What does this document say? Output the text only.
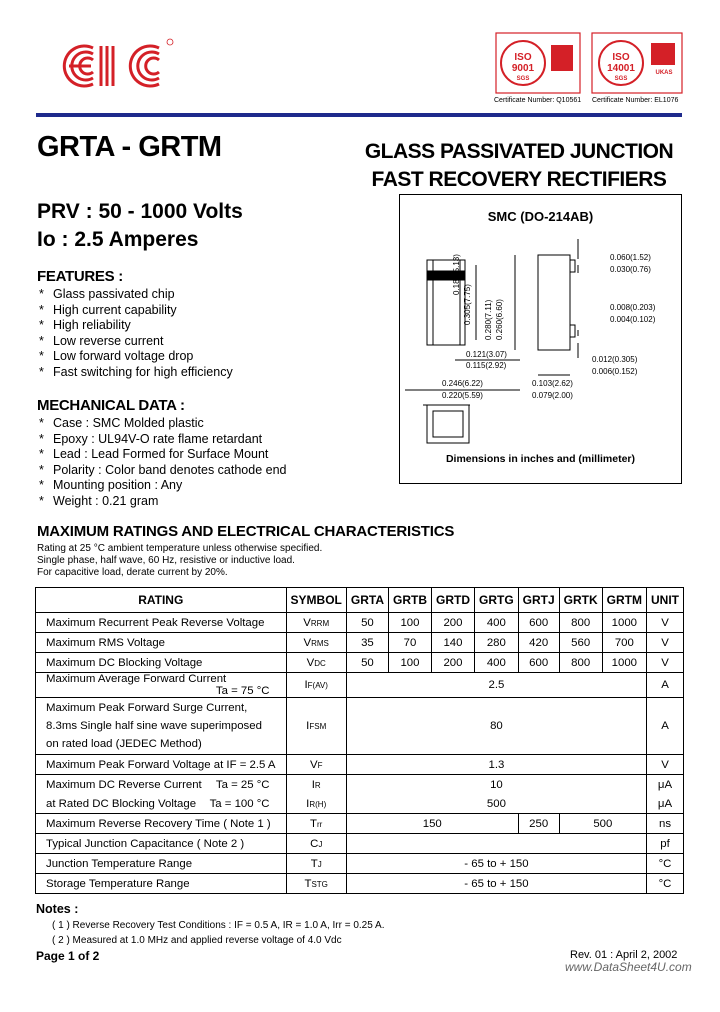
ISO 9001
SGS
ISO 14001
SGS
UKAS
Certificate Number: Q10561 Certificate Number: EL1076
GRTA - GRTM	GLASS PASSIVATED JUNCTION
FAST RECOVERY RECTIFIERS
PRV : 50 - 1000 Volts
Io : 2.5 Amperes
FEATURES :
* Glass passivated chip
* High current capability
* High reliability
* Low reverse current
* Low forward voltage drop
* Fast switching for high efficiency
MECHANICAL DATA :
* Case : SMC Molded plastic
* Epoxy : UL94V-O rate flame retardant
* Lead : Lead Formed for Surface Mount
* Polarity : Color band denotes cathode end
* Mounting position : Any
* Weight : 0.21 gram
SMC (DO-214AB)
0.060(1.52)
0.030(0.76)
0.008(0.203)
0.004(0.102)
0.012(0.305)
0.006(0.152)
0.121(3.07)
0.115(2.92)
0.246(6.22)
0.220(5.59)
0.103(2.62)
0.079(2.00)
0.185(5.13)
0.305(7.75) 0.280(7.11) 0.260(6.60)
Dimensions in inches and (millimeter)
MAXIMUM RATINGS AND ELECTRICAL CHARACTERISTICS
Rating at 25 °C ambient temperature unless otherwise specified.
Single phase, half wave, 60 Hz, resistive or inductive load.
For capacitive load, derate current by 20%.
RATING	SYMBOL	GRTA	GRTB	GRTD	GRTG	GRTJ	GRTK	GRTM	UNIT
Maximum Recurrent Peak Reverse Voltage	VRRM	50	100	200	400	600	800	1000	V
Maximum RMS Voltage	VRMS	35	70	140	280	420	560	700	V
Maximum DC Blocking Voltage	VDC	50	100	200	400	600	800	1000	V
Maximum Average Forward Current
Ta = 75 °C	IF(AV)	2.5							A

Maximum Peak Forward Surge Current,
8.3ms Single half sine wave superimposed
on rated load (JEDEC Method)	IFSM	80							A
Maximum Peak Forward Voltage at IF = 2.5 A	VF	1.3							V
Maximum DC Reverse Current Ta = 25 °C	IR	10							μA
at Rated DC Blocking Voltage Ta = 100 °C	IR(H)	500							μA
Maximum Reverse Recovery Time ( Note 1 )	Trr	150				250	500		ns
Typical Junction Capacitance ( Note 2 )	CJ								pf
Junction Temperature Range	TJ	- 65 to + 150							°C
Storage Temperature Range	TSTG	- 65 to + 150							°C
Notes :
( 1 ) Reverse Recovery Test Conditions : IF = 0.5 A, IR = 1.0 A, Irr = 0.25 A.
( 2 ) Measured at 1.0 MHz and applied reverse voltage of 4.0 Vdc
Page 1 of 2	Rev. 01 : April 2, 2002
www.DataSheet4U.com
